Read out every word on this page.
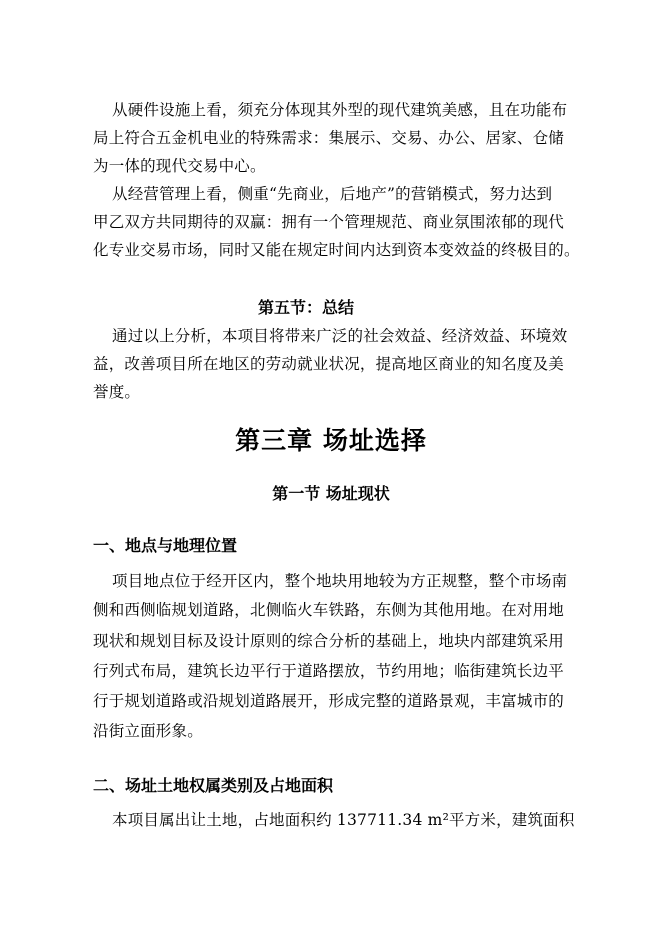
从硬件设施上看，须充分体现其外型的现代建筑美感，且在功能布
局上符合五金机电业的特殊需求：集展示、交易、办公、居家、仓储
为一体的现代交易中心。
从经营管理上看，侧重“先商业，后地产”的营销模式，努力达到
甲乙双方共同期待的双赢：拥有一个管理规范、商业氛围浓郁的现代
化专业交易市场，同时又能在规定时间内达到资本变效益的终极目的。
第五节：总结
通过以上分析，本项目将带来广泛的社会效益、经济效益、环境效
益，改善项目所在地区的劳动就业状况，提高地区商业的知名度及美
誉度。
第三章 场址选择
第一节 场址现状
一、地点与地理位置
项目地点位于经开区内，整个地块用地较为方正规整，整个市场南
侧和西侧临规划道路，北侧临火车铁路，东侧为其他用地。在对用地
现状和规划目标及设计原则的综合分析的基础上，地块内部建筑采用
行列式布局，建筑长边平行于道路摆放，节约用地；临街建筑长边平
行于规划道路或沿规划道路展开，形成完整的道路景观，丰富城市的
沿街立面形象。
二、场址土地权属类别及占地面积
本项目属出让土地，占地面积约 137711.34 m²平方米，建筑面积
